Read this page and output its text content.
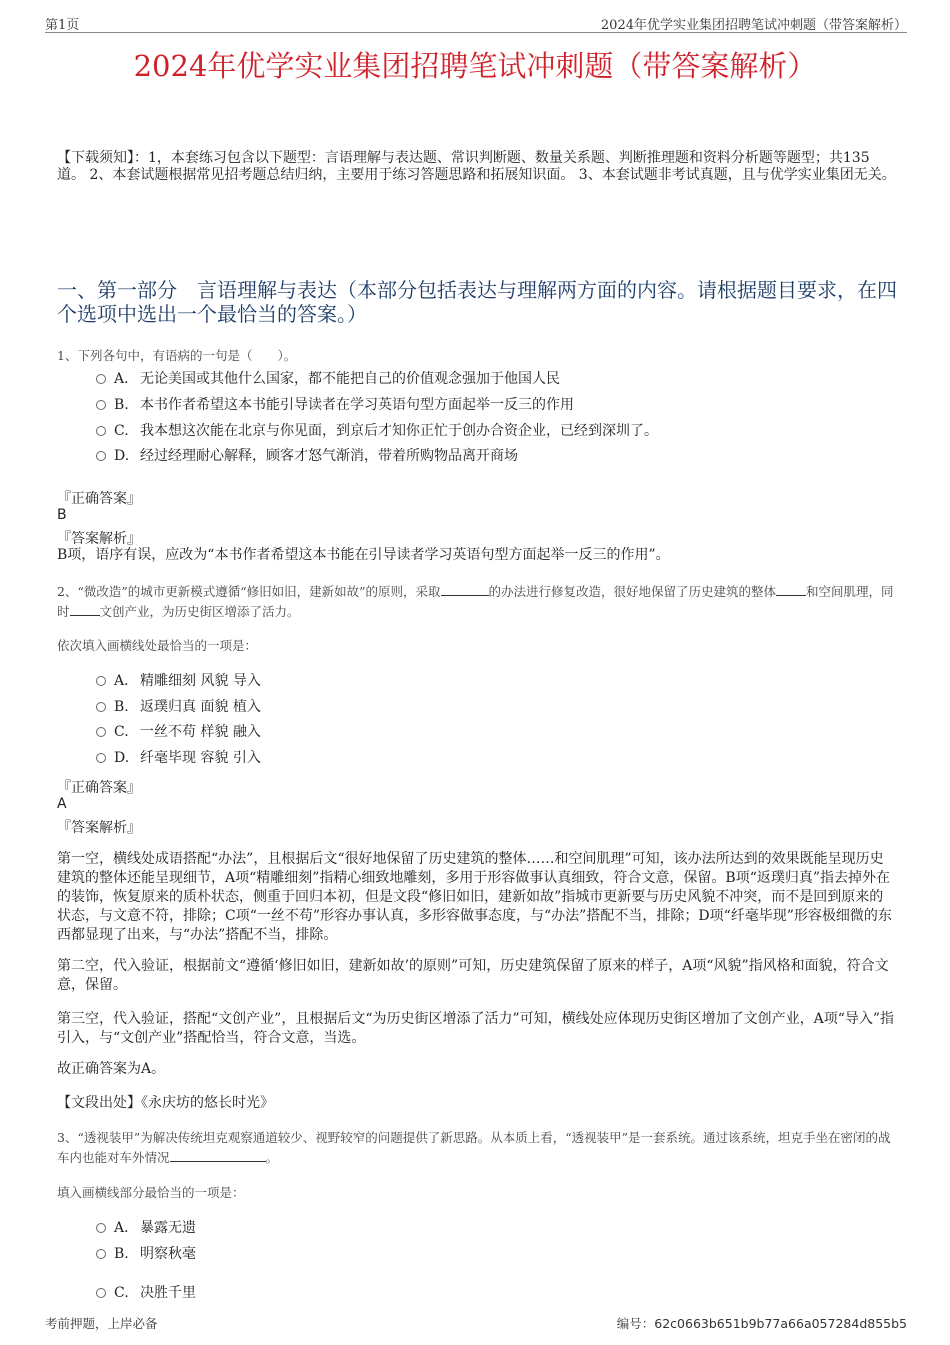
第1页	2024年优学实业集团招聘笔试冲刺题（带答案解析）
2024年优学实业集团招聘笔试冲刺题（带答案解析）
【下载须知】：1，本套练习包含以下题型：言语理解与表达题、常识判断题、数量关系题、判断推理题和资料分析题等题型；共135道。 2、本套试题根据常见招考题总结归纳，主要用于练习答题思路和拓展知识面。 3、本套试题非考试真题，且与优学实业集团无关。
一、第一部分　言语理解与表达（本部分包括表达与理解两方面的内容。请根据题目要求，在四个选项中选出一个最恰当的答案。）
1、下列各句中，有语病的一句是（　　）。
A． 无论美国或其他什么国家，都不能把自己的价值观念强加于他国人民
B. 本书作者希望这本书能引导读者在学习英语句型方面起举一反三的作用
C. 我本想这次能在北京与你见面，到京后才知你正忙于创办合资企业，已经到深圳了。
D. 经过经理耐心解释，顾客才怒气渐消，带着所购物品离开商场
『正确答案』
B
『答案解析』
B项，语序有误，应改为“本书作者希望这本书能在引导读者学习英语句型方面起举一反三的作用”。
2、“微改造”的城市更新模式遵循“修旧如旧，建新如故”的原则，采取	的办法进行修复改造，很好地保留了历史建筑的整体 和空间肌理，同时 文创产业，为历史街区增添了活力。
依次填入画横线处最恰当的一项是：
A． 精雕细刻 风貌 导入
B. 返璞归真 面貌 植入
C. 一丝不苟 样貌 融入
D. 纤毫毕现 容貌 引入
『正确答案』
A
『答案解析』
第一空，横线处成语搭配“办法”，且根据后文“很好地保留了历史建筑的整体……和空间肌理”可知，该办法所达到的效果既能呈现历史建筑的整体还能呈现细节，A项“精雕细刻”指精心细致地雕刻，多用于形容做事认真细致，符合文意，保留。B项“返璞归真”指去掉外在的装饰，恢复原来的质朴状态，侧重于回归本初，但是文段“修旧如旧，建新如故”指城市更新要与历史风貌不冲突，而不是回到原来的状态，与文意不符，排除；C项“一丝不苟”形容办事认真，多形容做事态度，与“办法”搭配不当，排除；D项“纤毫毕现”形容极细微的东西都显现了出来，与“办法”搭配不当，排除。
第二空，代入验证，根据前文“遵循‘修旧如旧，建新如故’的原则”可知，历史建筑保留了原来的样子，A项“风貌”指风格和面貌，符合文意，保留。
第三空，代入验证，搭配“文创产业”，且根据后文“为历史街区增添了活力”可知，横线处应体现历史街区增加了文创产业，A项“导入”指引入，与“文创产业”搭配恰当，符合文意，当选。
故正确答案为A。
【文段出处】《永庆坊的悠长时光》
3、“透视装甲”为解决传统坦克观察通道较少、视野较窄的问题提供了新思路。从本质上看，“透视装甲”是一套系统。通过该系统，坦克手坐在密闭的战车内也能对车外情况	。
填入画横线部分最恰当的一项是：
A． 暴露无遗
B. 明察秋毫
C. 决胜千里
考前押题，上岸必备	编号：62c0663b651b9b77a66a057284d855b5
